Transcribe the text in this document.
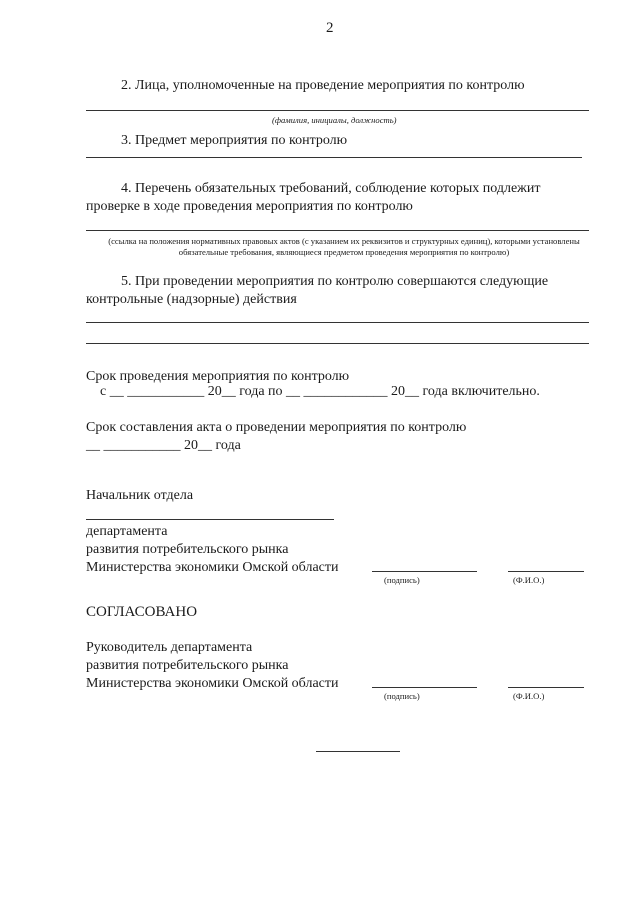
2
2. Лица, уполномоченные на проведение мероприятия по контролю
(фамилия, инициалы, должность)
3. Предмет мероприятия по контролю
4. Перечень обязательных требований, соблюдение которых подлежит
проверке в ходе проведения мероприятия по контролю
(ссылка на положения нормативных правовых актов (с указанием их реквизитов и структурных единиц), которыми установлены обязательные требования, являющиеся предметом проведения мероприятия по контролю)
5. При проведении мероприятия по контролю совершаются следующие
контрольные (надзорные) действия
Срок проведения мероприятия по контролю
с __ ___________ 20__ года по __ ____________ 20__ года включительно.
Срок составления акта о проведении мероприятия по контролю
__ ___________ 20__ года
Начальник отдела
департамента
развития потребительского рынка
Министерства экономики Омской области
(подпись)	(Ф.И.О.)
СОГЛАСОВАНО
Руководитель департамента
развития потребительского рынка
Министерства экономики Омской области
(подпись)	(Ф.И.О.)
